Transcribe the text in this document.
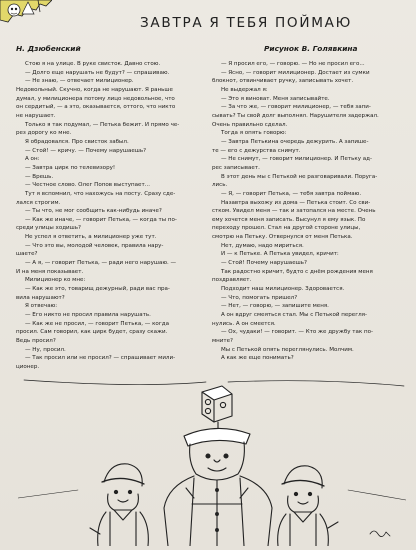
ЗАВТРА Я ТЕБЯ ПОЙМАЮ
Н. Дзюбенский	Рисунок В. Голявкина

Стою я на улице. В руке свисток. Давно стою.

— Долго еще нарушать не будут? — спрашиваю.

— Не знаю, — отвечает милиционер.

Недовольный. Скучно, когда не нарушают. Я раньше

думал, у милиционера потому лицо недовольное, что

он сердитый, — а это, оказывается, оттого, что никто

не нарушает.

Только я так подумал, — Петька бежит. И прямо че-

рез дорогу ко мне.

Я обрадовался. Про свисток забыл.

— Стой! — кричу. — Почему нарушаешь?

А он:

— Завтра цирк по телевизору!

— Врешь.

— Честное слово. Олег Попов выступает...

Тут я вспомнил, что нахожусь на посту. Сразу сде-

лался строгим.

— Ты что, не мог сообщить как-нибудь иначе?

— Как же иначе, — говорит Петька, — когда ты по-

среди улицы ходишь?

Не успел я ответить, а милиционер уже тут.

— Что это вы, молодой человек, правила нару-

шаете?

— А я, — говорит Петька, — ради него нарушаю. —

И на меня показывает.

Милиционер ко мне:

— Как же это, товарищ дежурный, ради вас пра-

вила нарушают?

Я отвечаю:

— Его никто не просил правила нарушать.

— Как же не просил, — говорит Петька, — когда

просил. Сам говорил, как цирк будет, сразу скажи.

Ведь просил?

— Ну, просил.

— Так просил или не просил? — спрашивает мили-

ционер.

— Я просил его, — говорю. — Но не просил его...

— Ясно, — говорит милиционер. Достает из сумки

блокнот, отвинчивает ручку, записывать хочет.

Не выдержал я:

— Это я виноват. Меня записывайте.

— За что же, — говорит милиционер, — тебя запи-

сывать? Ты свой долг выполнял. Нарушителя задержал.

Очень правильно сделал.

Тогда я опять говорю:

— Завтра Петькина очередь дежурить. А запише-

те — его с дежурства снимут.

— Не снимут, — говорит милиционер. И Петьку ад-

рес записывает.

В этот день мы с Петькой не разговаривали. Поруга-

лись.

— Я, — говорит Петька, — тебя завтра поймаю.

Назавтра выхожу из дома — Петька стоит. Со сви-

стком. Увидел меня — так и затопался на месте. Очень

ему хочется меня записать. Высунул я ему язык. По

переходу прошел. Стал на другой стороне улицы,

смотрю на Петьку. Отвернулся от меня Петька.

Нет, думаю, надо мириться.

И — к Петьке. А Петька увидел, кричит:

— Стой! Почему нарушаешь?

Так радостно кричит, будто с днём рождения меня

поздравляет.

Подходит наш милиционер. Здоровается.

— Что, помогать пришел?

— Нет, — говорю, — запишите меня.

А он вдруг смеяться стал. Мы с Петькой перегля-

нулись. А он смеется.

— Ох, чудаки! — говорит. — Кто же дружбу так по-

мните?

Мы с Петькой опять переглянулись. Молчим.

А как же еще понимать?
